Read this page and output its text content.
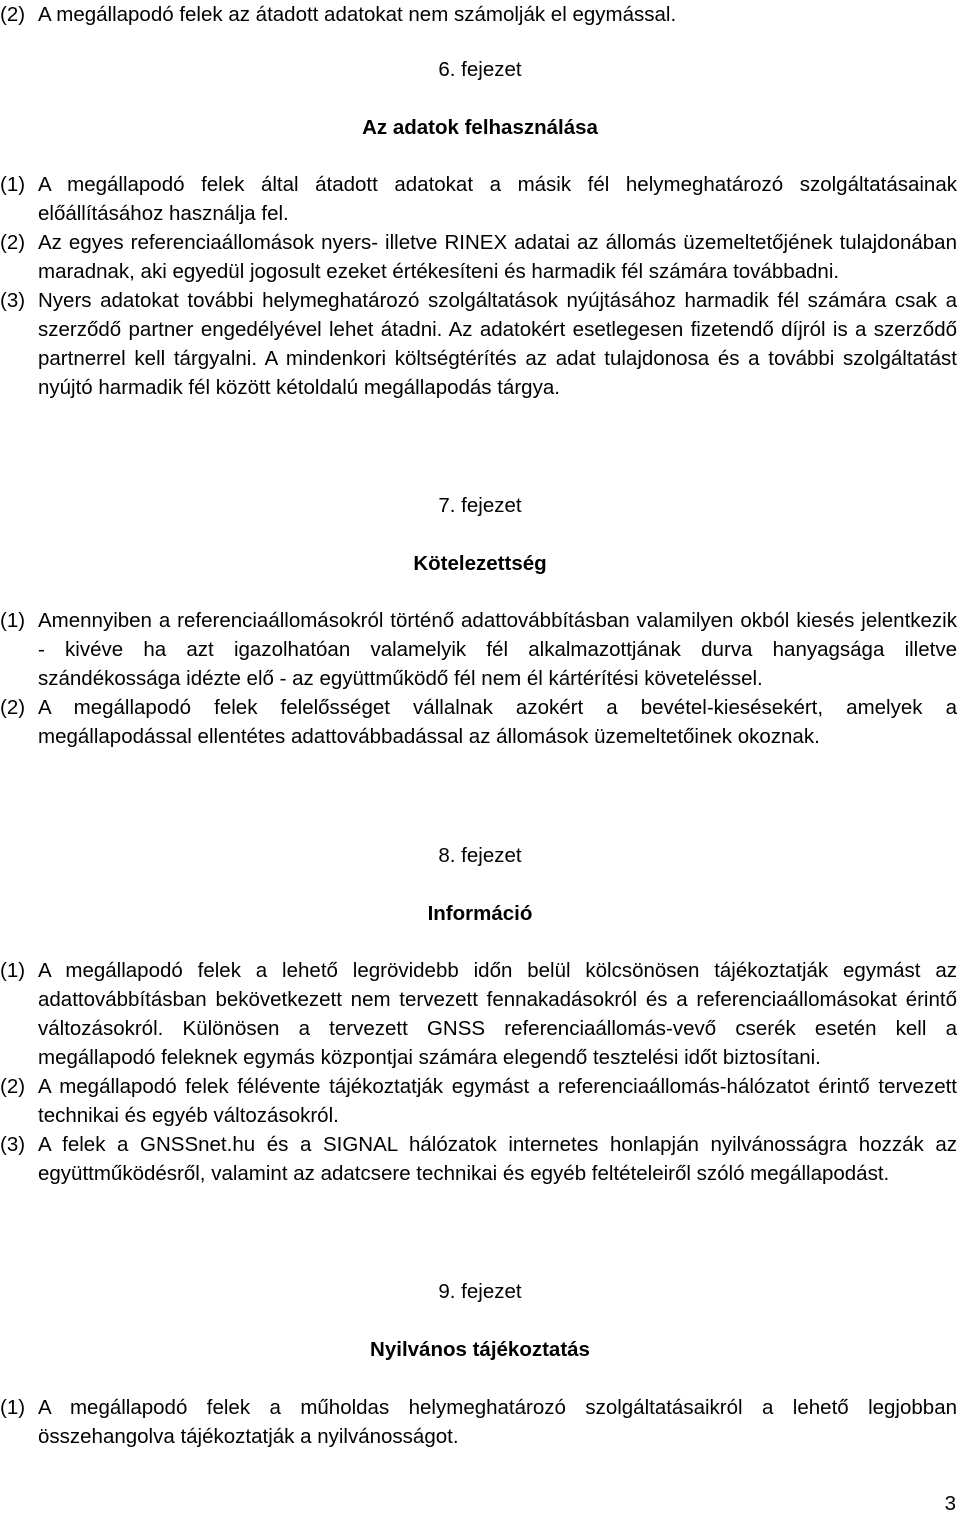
(2) A megállapodó felek az átadott adatokat nem számolják el egymással.
6. fejezet
Az adatok felhasználása
(1) A megállapodó felek által átadott adatokat a másik fél helymeghatározó szolgáltatásainak előállításához használja fel.
(2) Az egyes referenciaállomások nyers- illetve RINEX adatai az állomás üzemeltetőjének tulajdonában maradnak, aki egyedül jogosult ezeket értékesíteni és harmadik fél számára továbbadni.
(3) Nyers adatokat további helymeghatározó szolgáltatások nyújtásához harmadik fél számára csak a szerződő partner engedélyével lehet átadni. Az adatokért esetlegesen fizetendő díjról is a szerződő partnerrel kell tárgyalni. A mindenkori költségtérítés az adat tulajdonosa és a további szolgáltatást nyújtó harmadik fél között kétoldalú megállapodás tárgya.
7. fejezet
Kötelezettség
(1) Amennyiben a referenciaállomásokról történő adattovábbításban valamilyen okból kiesés jelentkezik - kivéve ha azt igazolhatóan valamelyik fél alkalmazottjának durva hanyagsága illetve szándékossága idézte elő - az együttműködő fél nem él kártérítési követeléssel.
(2) A megállapodó felek felelősséget vállalnak azokért a bevétel-kiesésekért, amelyek a megállapodással ellentétes adattovábbadással az állomások üzemeltetőinek okoznak.
8. fejezet
Információ
(1) A megállapodó felek a lehető legrövidebb időn belül kölcsönösen tájékoztatják egymást az adattovábbításban bekövetkezett nem tervezett fennakadásokról és a referenciaállomásokat érintő változásokról. Különösen a tervezett GNSS referenciaállomás-vevő cserék esetén kell a megállapodó feleknek egymás központjai számára elegendő tesztelési időt biztosítani.
(2) A megállapodó felek félévente tájékoztatják egymást a referenciaállomás-hálózatot érintő tervezett technikai és egyéb változásokról.
(3) A felek a GNSSnet.hu és a SIGNAL hálózatok internetes honlapján nyilvánosságra hozzák az együttműködésről, valamint az adatcsere technikai és egyéb feltételeiről szóló megállapodást.
9. fejezet
Nyilvános tájékoztatás
(1) A megállapodó felek a műholdas helymeghatározó szolgáltatásaikról a lehető legjobban összehangolva tájékoztatják a nyilvánosságot.
3
